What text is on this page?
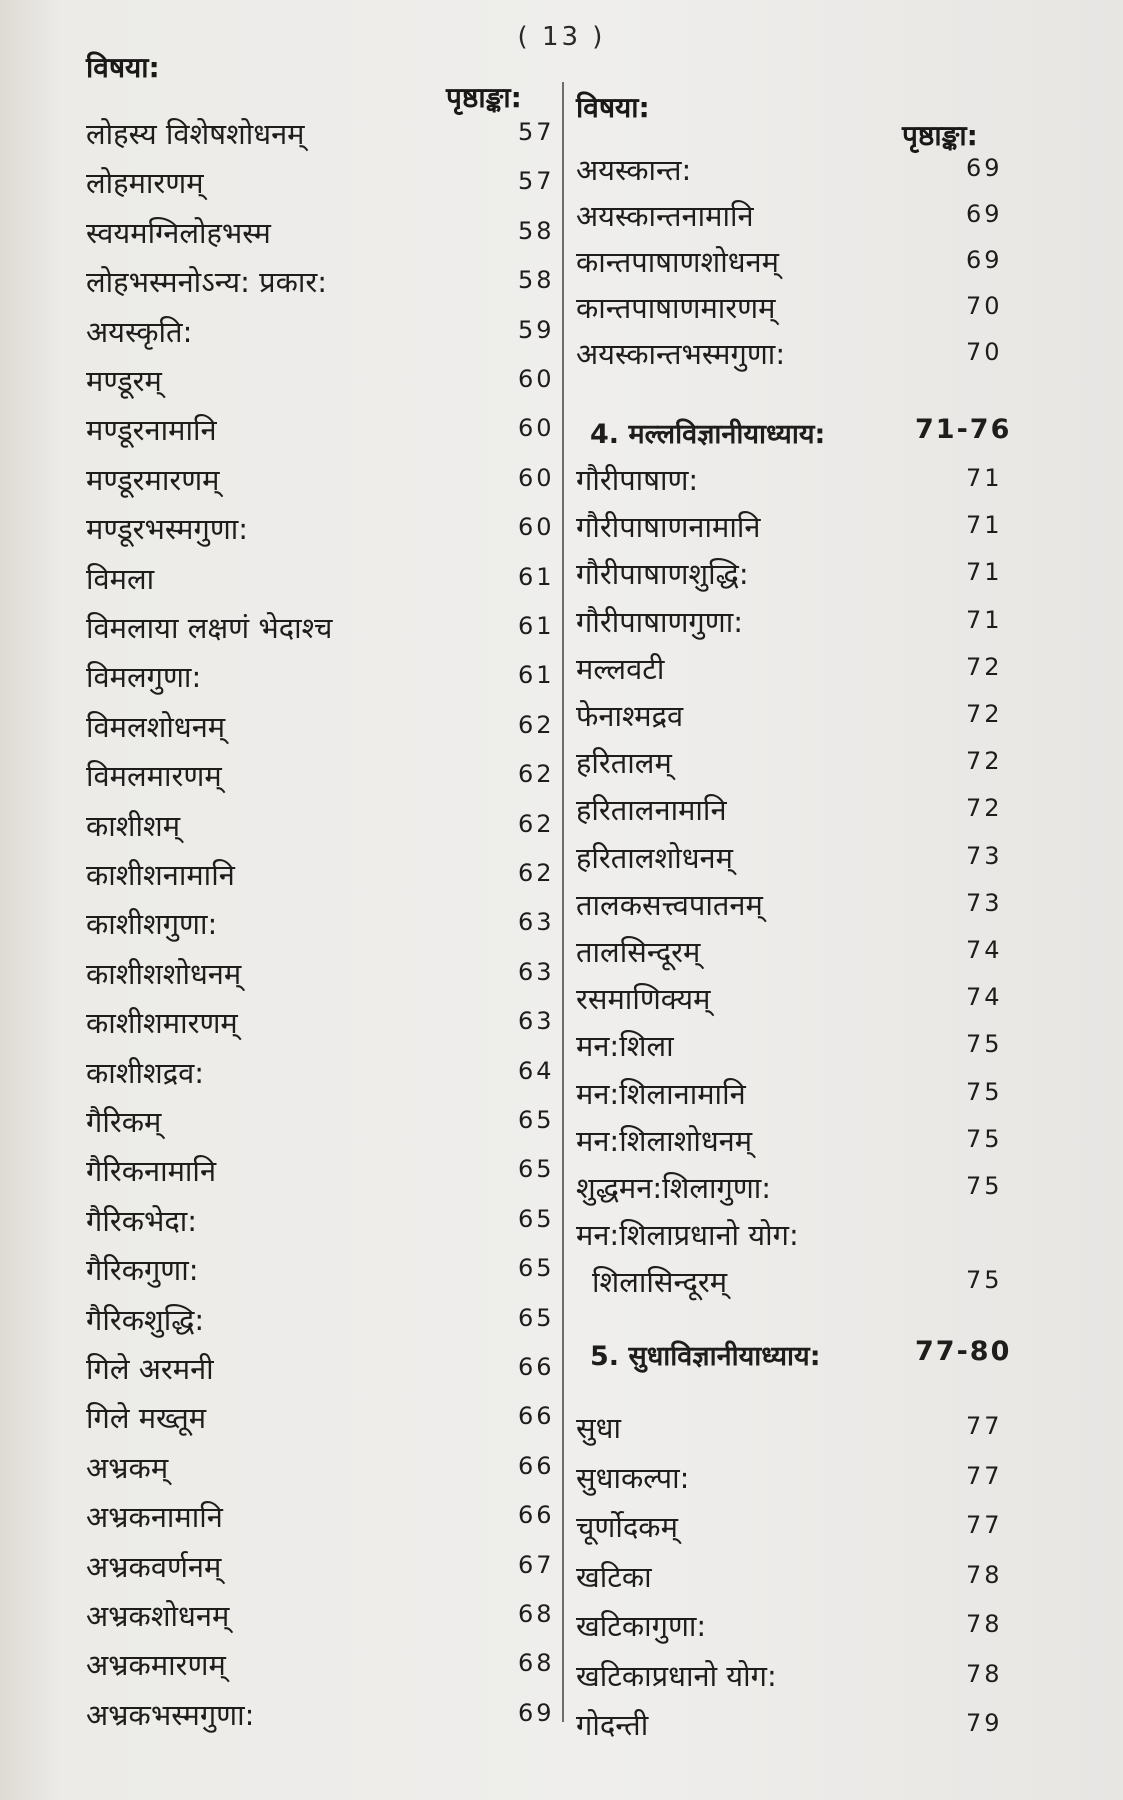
( 13 )
विषया:
पृष्ठाङ्का:
लोहस्य विशेषशोधनम्	57
लोहमारणम्	57
स्वयमग्निलोहभस्म	58
लोहभस्मनोऽन्य: प्रकार:	58
अयस्कृति:	59
मण्डूरम्	60
मण्डूरनामानि	60
मण्डूरमारणम्	60
मण्डूरभस्मगुणा:	60
विमला	61
विमलाया लक्षणं भेदाश्च	61
विमलगुणा:	61
विमलशोधनम्	62
विमलमारणम्	62
काशीशम्	62
काशीशनामानि	62
काशीशगुणा:	63
काशीशशोधनम्	63
काशीशमारणम्	63
काशीशद्रव:	64
गैरिकम्	65
गैरिकनामानि	65
गैरिकभेदा:	65
गैरिकगुणा:	65
गैरिकशुद्धि:	65
गिले अरमनी	66
गिले मख्तूम	66
अभ्रकम्	66
अभ्रकनामानि	66
अभ्रकवर्णनम्	67
अभ्रकशोधनम्	68
अभ्रकमारणम्	68
अभ्रकभस्मगुणा:	69
विषया:
पृष्ठाङ्का:
अयस्कान्त:	69
अयस्कान्तनामानि	69
कान्तपाषाणशोधनम्	69
कान्तपाषाणमारणम्	70
अयस्कान्तभस्मगुणा:	70
4. मल्लविज्ञानीयाध्याय:	71-76
गौरीपाषाण:	71
गौरीपाषाणनामानि	71
गौरीपाषाणशुद्धि:	71
गौरीपाषाणगुणा:	71
मल्लवटी	72
फेनाश्मद्रव	72
हरितालम्	72
हरितालनामानि	72
हरितालशोधनम्	73
तालकसत्त्वपातनम्	73
तालसिन्दूरम्	74
रसमाणिक्यम्	74
मन:शिला	75
मन:शिलानामानि	75
मन:शिलाशोधनम्	75
शुद्धमन:शिलागुणा:	75
मन:शिलाप्रधानो योग:
शिलासिन्दूरम्	75
5. सुधाविज्ञानीयाध्याय:	77-80
सुधा	77
सुधाकल्पा:	77
चूर्णोदकम्	77
खटिका	78
खटिकागुणा:	78
खटिकाप्रधानो योग:	78
गोदन्ती	79
